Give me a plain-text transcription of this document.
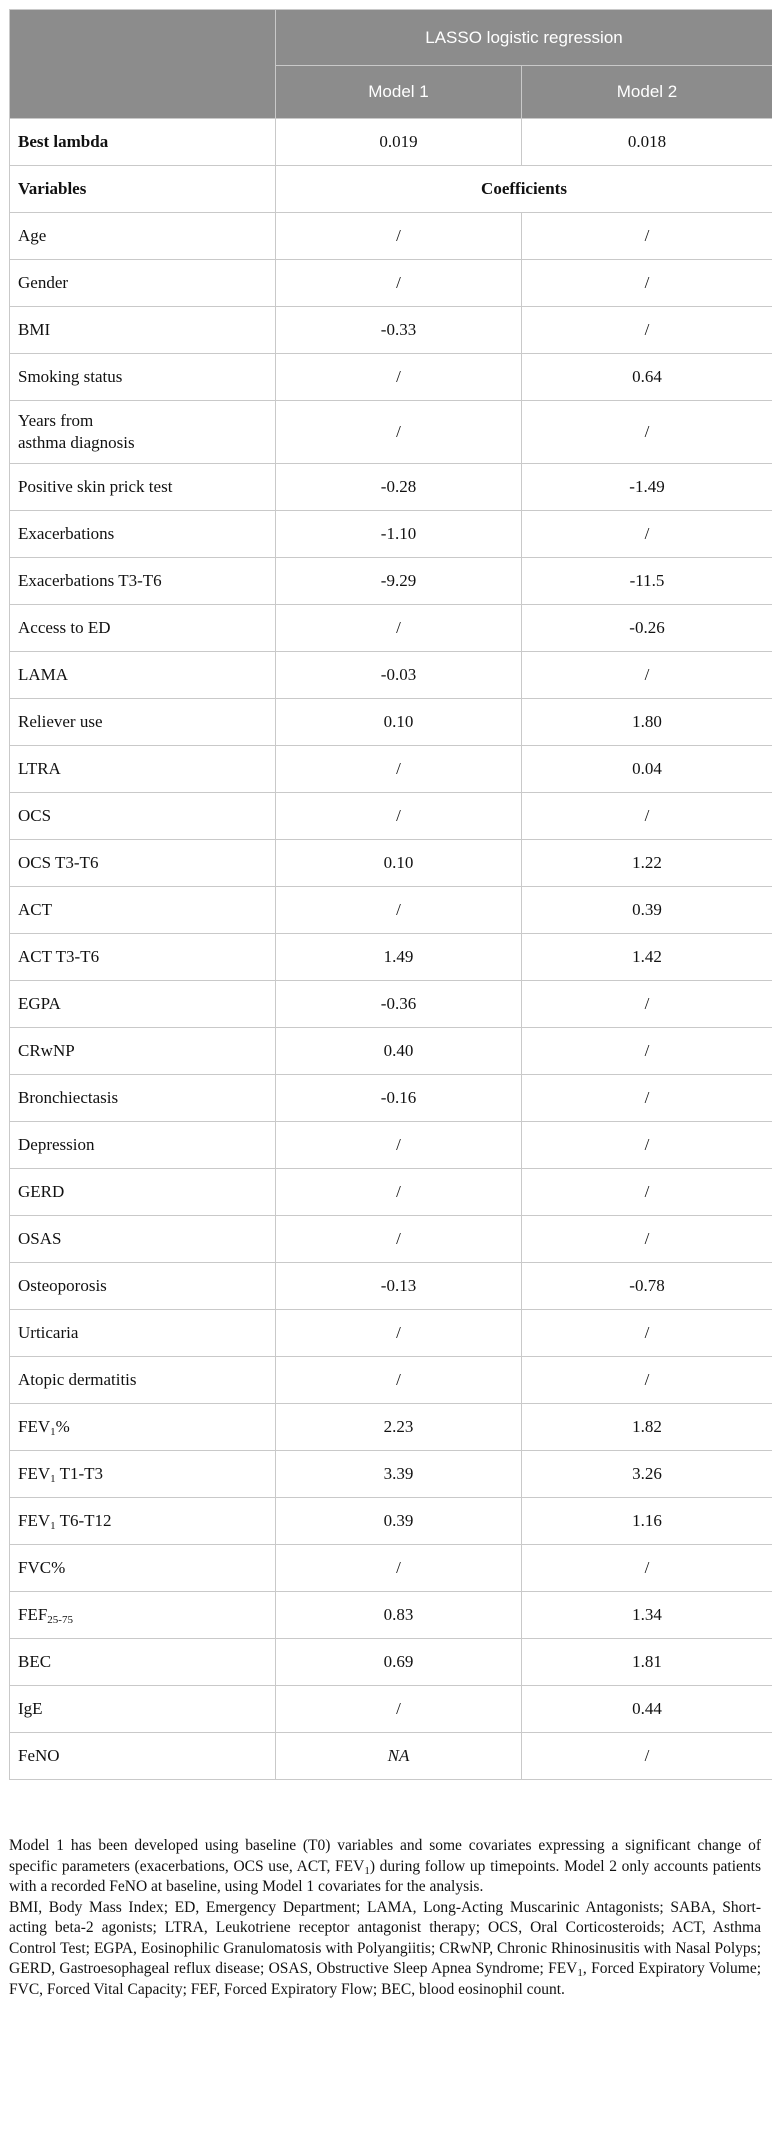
	LASSO logistic regression	
	Model 1	Model 2
Best lambda	0.019	0.018
Variables	Coefficients	
Age	/	/
Gender	/	/
BMI	-0.33	/
Smoking status	/	0.64
Years from
asthma diagnosis	/	/
Positive skin prick test	-0.28	-1.49
Exacerbations	-1.10	/
Exacerbations T3-T6	-9.29	-11.5
Access to ED	/	-0.26
LAMA	-0.03	/
Reliever use	0.10	1.80
LTRA	/	0.04
OCS	/	/
OCS T3-T6	0.10	1.22
ACT	/	0.39
ACT T3-T6	1.49	1.42
EGPA	-0.36	/
CRwNP	0.40	/
Bronchiectasis	-0.16	/
Depression	/	/
GERD	/	/
OSAS	/	/
Osteoporosis	-0.13	-0.78
Urticaria	/	/
Atopic dermatitis	/	/
$FEV_1\%$	2.23	1.82
$FEV_1$ T1-T3	3.39	3.26
$FEV_1$ T6-T12	0.39	1.16
FVC%	/	/
$FEF_{25-75}$	0.83	1.34
BEC	0.69	1.81
IgE	/	0.44
FeNO	NA	/

Model 1 has been developed using baseline (T0) variables and some covariates expressing a significant change of specific parameters (exacerbations, OCS use, ACT, $FEV_1$) during follow up timepoints. Model 2 only accounts patients with a recorded FeNO at baseline, using Model 1 covariates for the analysis.

BMI, Body Mass Index; ED, Emergency Department; LAMA, Long-Acting Muscarinic Antagonists; SABA, Short-acting beta-2 agonists; LTRA, Leukotriene receptor antagonist therapy; OCS, Oral Corticosteroids; ACT, Asthma Control Test; EGPA, Eosinophilic Granulomatosis with Polyangiitis; CRwNP, Chronic Rhinosinusitis with Nasal Polyps; GERD, Gastroesophageal reflux disease; OSAS, Obstructive Sleep Apnea Syndrome; $FEV_1$, Forced Expiratory Volume; FVC, Forced Vital Capacity; FEF, Forced Expiratory Flow; BEC, blood eosinophil count.
